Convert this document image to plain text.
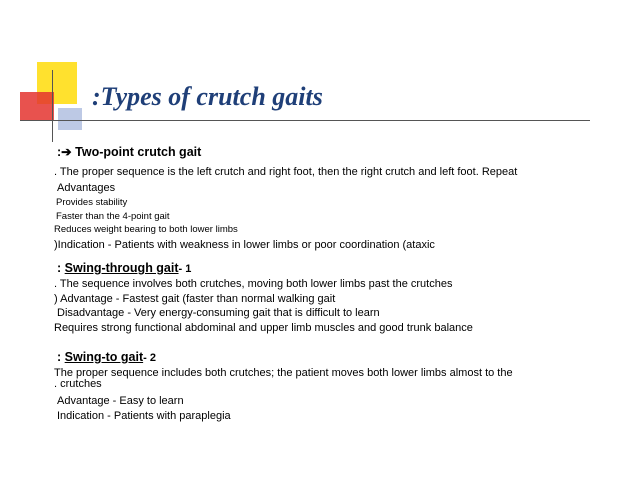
:Types of crutch gaits
:➔ Two-point crutch gait
. The proper sequence is the left crutch and right foot, then the right crutch and left foot. Repeat
Advantages
Provides stability
Faster than the 4-point gait
Reduces weight bearing to both lower limbs
)Indication - Patients with weakness in lower limbs or poor coordination (ataxic
: Swing-through gait- 1
. The sequence involves both crutches, moving both lower limbs past the crutches
) Advantage - Fastest gait (faster than normal walking gait
Disadvantage - Very energy-consuming gait that is difficult to learn
Requires strong functional abdominal and upper limb muscles and good trunk balance
: Swing-to gait- 2
The proper sequence includes both crutches; the patient moves both lower limbs almost to the
. crutches
Advantage - Easy to learn
Indication - Patients with paraplegia
